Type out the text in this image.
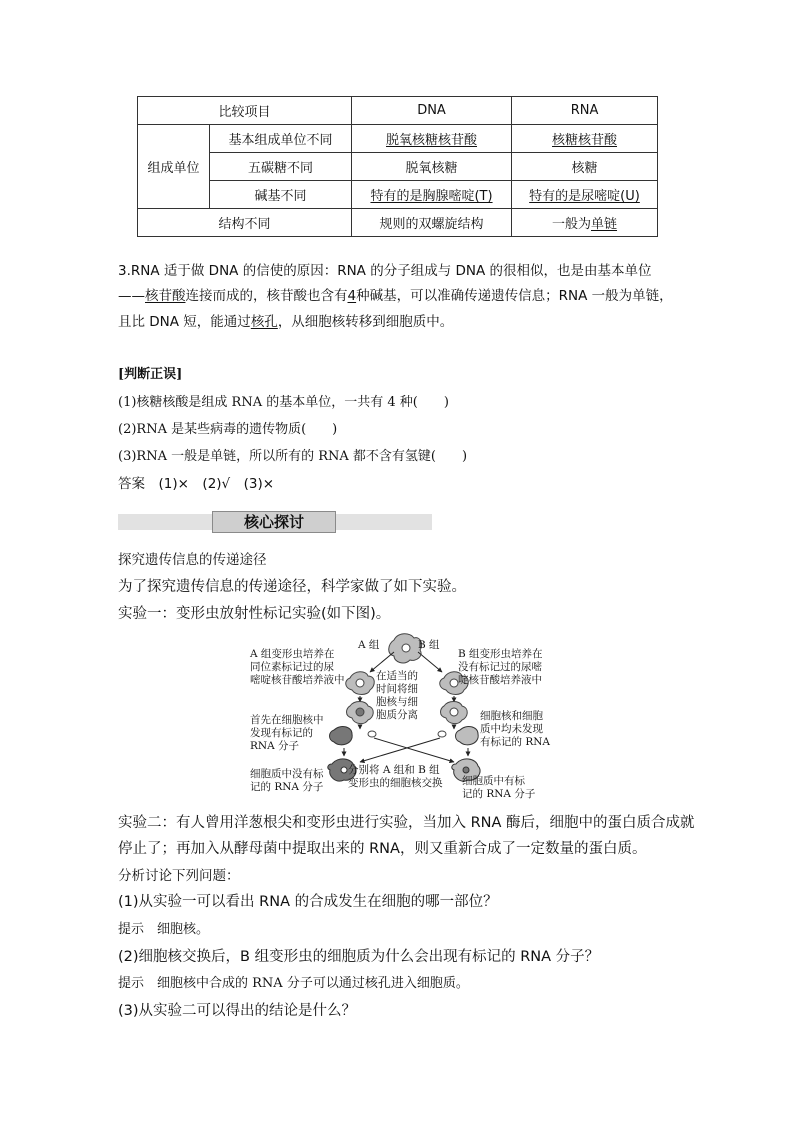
比较项目		DNA	RNA
组成单位	基本组成单位不同	脱氧核糖核苷酸	核糖核苷酸
	五碳糖不同	脱氧核糖	核糖
	碱基不同	特有的是胸腺嘧啶(T)	特有的是尿嘧啶(U)
结构不同		规则的双螺旋结构	一般为单链
3.RNA 适于做 DNA 的信使的原因：RNA 的分子组成与 DNA 的很相似，也是由基本单位
——核苷酸连接而成的，核苷酸也含有4种碱基，可以准确传递遗传信息；RNA 一般为单链，
且比 DNA 短，能通过核孔，从细胞核转移到细胞质中。
[判断正误]
(1)核糖核酸是组成 RNA 的基本单位，一共有 4 种(　　)
(2)RNA 是某些病毒的遗传物质(　　)
(3)RNA 一般是单链，所以所有的 RNA 都不含有氢键(　　)
答案　(1)×　(2)√　(3)×
核心探讨
探究遗传信息的传递途径
为了探究遗传信息的传递途径，科学家做了如下实验。
实验一：变形虫放射性标记实验(如下图)。
A 组	B 组
A 组变形虫培养在
同位素标记过的尿
嘧啶核苷酸培养液中
B 组变形虫培养在
没有标记过的尿嘧
啶核苷酸培养液中
在适当的
时间将细
胞核与细
胞质分离
首先在细胞核中
发现有标记的
RNA 分子
细胞核和细胞
质中均未发现
有标记的 RNA
细胞质中没有标
记的 RNA 分子
分别将 A 组和 B 组
变形虫的细胞核交换 细胞质中有标
记的 RNA 分子
实验二：有人曾用洋葱根尖和变形虫进行实验，当加入 RNA 酶后，细胞中的蛋白质合成就
停止了；再加入从酵母菌中提取出来的 RNA，则又重新合成了一定数量的蛋白质。
分析讨论下列问题：
(1)从实验一可以看出 RNA 的合成发生在细胞的哪一部位？
提示　细胞核。
(2)细胞核交换后，B 组变形虫的细胞质为什么会出现有标记的 RNA 分子？
提示　细胞核中合成的 RNA 分子可以通过核孔进入细胞质。
(3)从实验二可以得出的结论是什么？
